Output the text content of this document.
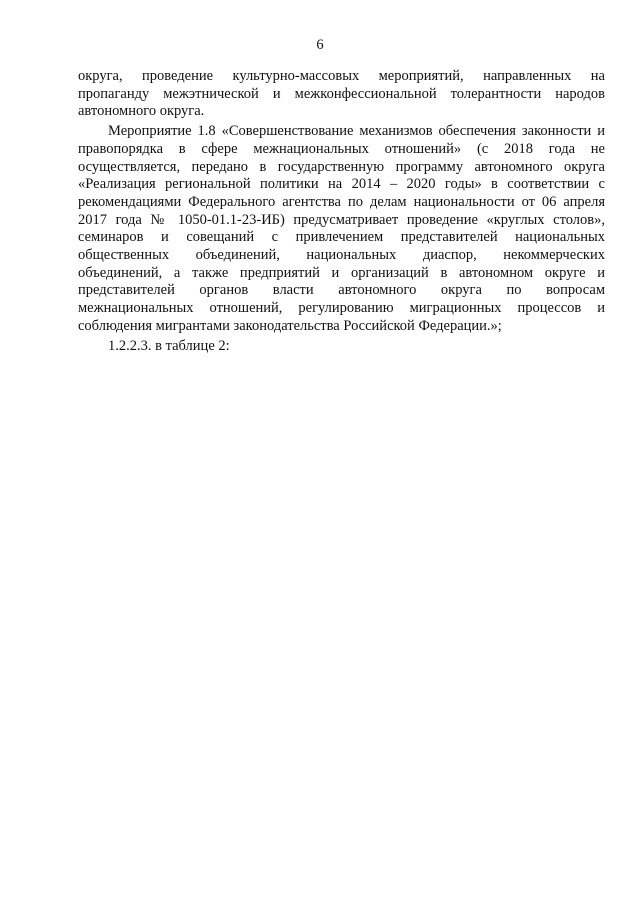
6
округа, проведение культурно-массовых мероприятий, направленных на
пропаганду межэтнической и межконфессиональной толерантности народов
автономного округа.
Мероприятие 1.8 «Совершенствование механизмов обеспечения законности и
правопорядка в сфере межнациональных отношений» (с 2018 года не
осуществляется, передано в государственную программу автономного округа
«Реализация региональной политики на 2014 – 2020 годы» в соответствии с
рекомендациями Федерального агентства по делам национальности от 06 апреля
2017 года № 1050-01.1-23-ИБ) предусматривает проведение «круглых столов»,
семинаров и совещаний с привлечением представителей национальных
общественных объединений, национальных диаспор, некоммерческих
объединений, а также предприятий и организаций в автономном округе и
представителей органов власти автономного округа по вопросам
межнациональных отношений, регулированию миграционных процессов и
соблюдения мигрантами законодательства Российской Федерации.»;
1.2.2.3. в таблице 2:
